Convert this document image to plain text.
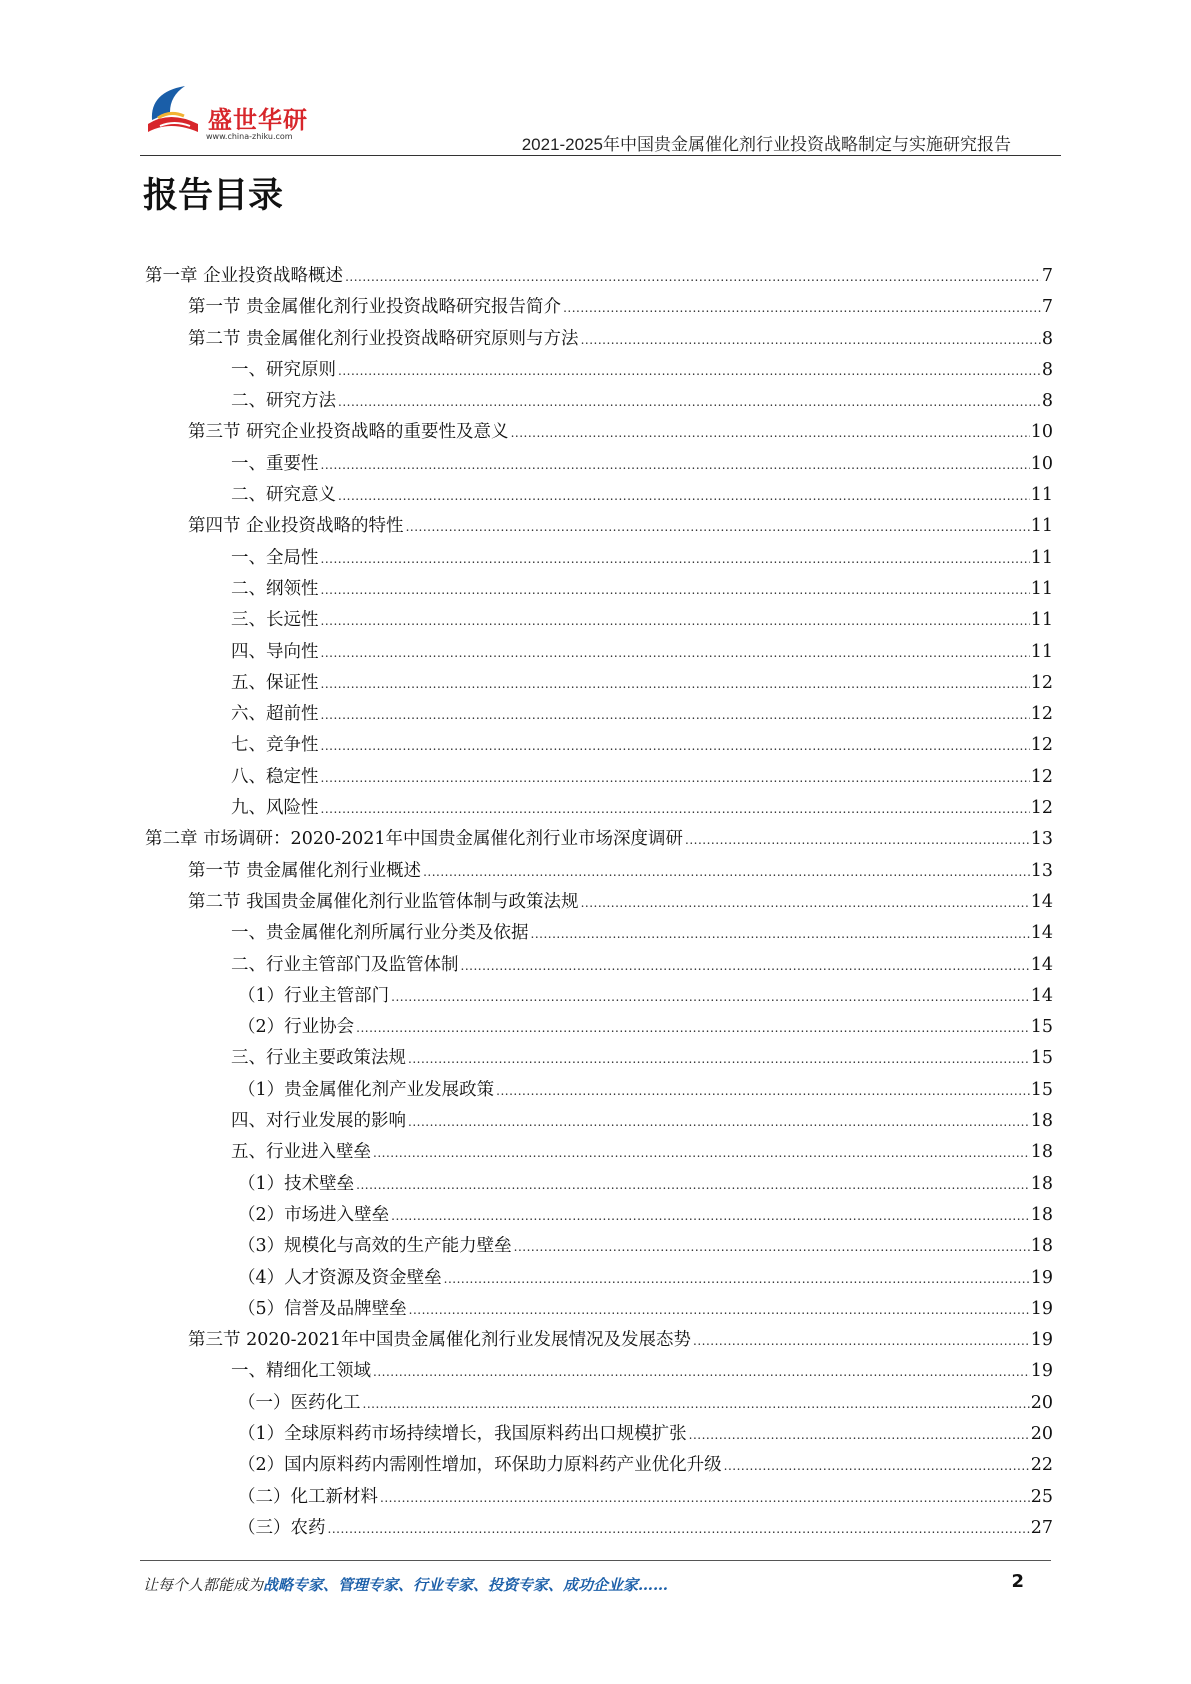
盛世华研
www.china-zhiku.com	2021-2025年中国贵金属催化剂行业投资战略制定与实施研究报告
报告目录
第一章 企业投资战略概述 .....	7
第一节 贵金属催化剂行业投资战略研究报告简介 .....	7
第二节 贵金属催化剂行业投资战略研究原则与方法 .....	8
一、研究原则 .....	8
二、研究方法 .....	8
第三节 研究企业投资战略的重要性及意义 .....	10
一、重要性 .....	10
二、研究意义 .....	11
第四节 企业投资战略的特性 .....	11
一、全局性 .....	11
二、纲领性 .....	11
三、长远性 .....	11
四、导向性 .....	11
五、保证性 .....	12
六、超前性 .....	12
七、竞争性 .....	12
八、稳定性 .....	12
九、风险性 .....	12
第二章 市场调研：2020-2021年中国贵金属催化剂行业市场深度调研 .....	13
第一节 贵金属催化剂行业概述 .....	13
第二节 我国贵金属催化剂行业监管体制与政策法规 .....	14
一、贵金属催化剂所属行业分类及依据 .....	14
二、行业主管部门及监管体制 .....	14
（1）行业主管部门 .....	14
（2）行业协会 .....	15
三、行业主要政策法规 .....	15
（1）贵金属催化剂产业发展政策 .....	15
四、对行业发展的影响 .....	18
五、行业进入壁垒 .....	18
（1）技术壁垒 .....	18
（2）市场进入壁垒 .....	18
（3）规模化与高效的生产能力壁垒 .....	18
（4）人才资源及资金壁垒 .....	19
（5）信誉及品牌壁垒 .....	19
第三节 2020-2021年中国贵金属催化剂行业发展情况及发展态势 .....	19
一、精细化工领域 .....	19
（一）医药化工 .....	20
（1）全球原料药市场持续增长，我国原料药出口规模扩张 .....	20
（2）国内原料药内需刚性增加，环保助力原料药产业优化升级 .....	22
（二）化工新材料 .....	25
（三）农药 .....	27
让每个人都能成为战略专家、管理专家、行业专家、投资专家、成功企业家……	2
